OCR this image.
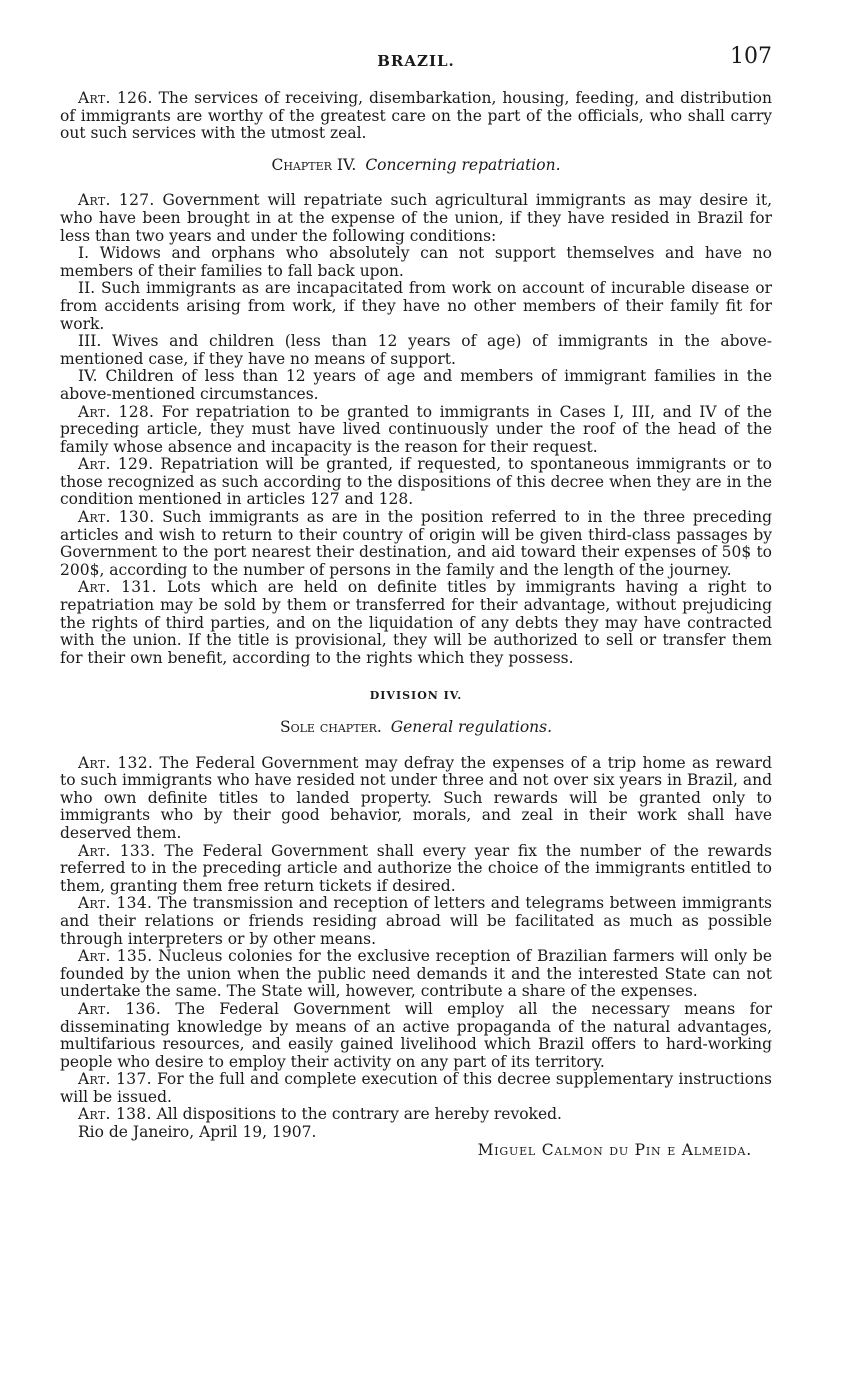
BRAZIL.	107

Art. 126. The services of receiving, disembarkation, housing, feeding, and distribution of immigrants are worthy of the greatest care on the part of the officials, who shall carry out such services with the utmost zeal.

Chapter IV. Concerning repatriation.

Art. 127. Government will repatriate such agricultural immigrants as may desire it, who have been brought in at the expense of the union, if they have resided in Brazil for less than two years and under the following conditions:

I. Widows and orphans who absolutely can not support themselves and have no members of their families to fall back upon.

II. Such immigrants as are incapacitated from work on account of incurable disease or from accidents arising from work, if they have no other members of their family fit for work.

III. Wives and children (less than 12 years of age) of immigrants in the above-mentioned case, if they have no means of support.

IV. Children of less than 12 years of age and members of immigrant families in the above-mentioned circumstances.

Art. 128. For repatriation to be granted to immigrants in Cases I, III, and IV of the preceding article, they must have lived continuously under the roof of the head of the family whose absence and incapacity is the reason for their request.

Art. 129. Repatriation will be granted, if requested, to spontaneous immigrants or to those recognized as such according to the dispositions of this decree when they are in the condition mentioned in articles 127 and 128.

Art. 130. Such immigrants as are in the position referred to in the three preceding articles and wish to return to their country of origin will be given third-class passages by Government to the port nearest their destination, and aid toward their expenses of 50$ to 200$, according to the number of persons in the family and the length of the journey.

Art. 131. Lots which are held on definite titles by immigrants having a right to repatriation may be sold by them or transferred for their advantage, without prejudicing the rights of third parties, and on the liquidation of any debts they may have contracted with the union. If the title is provisional, they will be authorized to sell or transfer them for their own benefit, according to the rights which they possess.

DIVISION IV.
Sole chapter. General regulations.

Art. 132. The Federal Government may defray the expenses of a trip home as reward to such immigrants who have resided not under three and not over six years in Brazil, and who own definite titles to landed property. Such rewards will be granted only to immigrants who by their good behavior, morals, and zeal in their work shall have deserved them.

Art. 133. The Federal Government shall every year fix the number of the rewards referred to in the preceding article and authorize the choice of the immigrants entitled to them, granting them free return tickets if desired.

Art. 134. The transmission and reception of letters and telegrams between immigrants and their relations or friends residing abroad will be facilitated as much as possible through interpreters or by other means.

Art. 135. Nucleus colonies for the exclusive reception of Brazilian farmers will only be founded by the union when the public need demands it and the interested State can not undertake the same. The State will, however, contribute a share of the expenses.

Art. 136. The Federal Government will employ all the necessary means for disseminating knowledge by means of an active propaganda of the natural advantages, multifarious resources, and easily gained livelihood which Brazil offers to hard-working people who desire to employ their activity on any part of its territory.

Art. 137. For the full and complete execution of this decree supplementary instructions will be issued.

Art. 138. All dispositions to the contrary are hereby revoked.

Rio de Janeiro, April 19, 1907.

Miguel Calmon du Pin e Almeida.
